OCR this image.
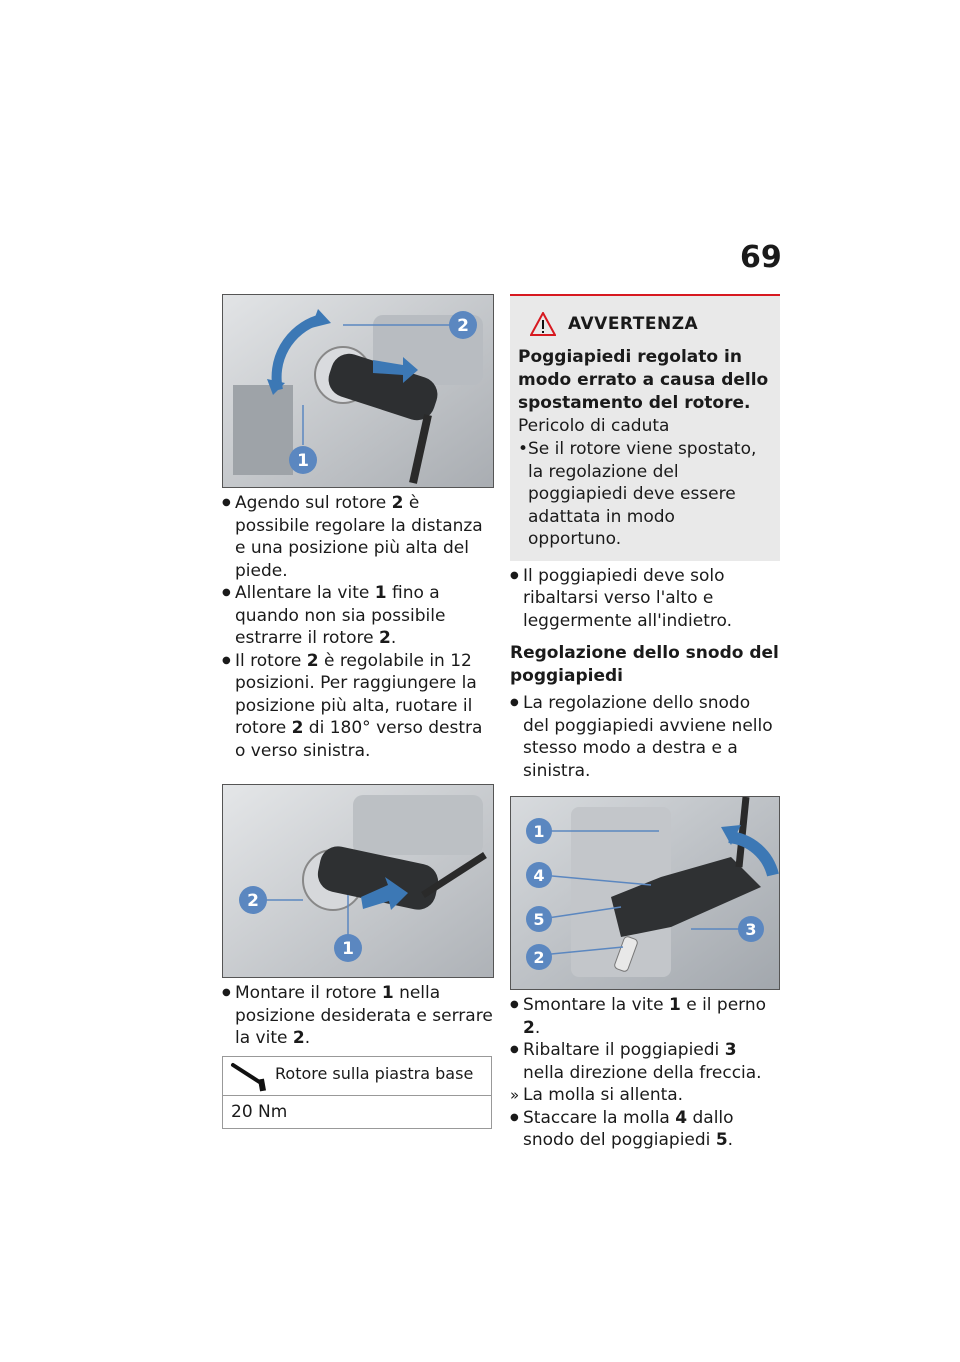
69
2
1
● Agendo sul rotore 2 è possibile regolare la distanza e una posizione più alta del piede.
● Allentare la vite 1 fino a quando non sia possibile estrarre il rotore 2.
● Il rotore 2 è regolabile in 12 posizioni. Per raggiungere la posizione più alta, ruotare il rotore 2 di 180° verso destra o verso sinistra.
2
1
● Montare il rotore 1 nella posizione desiderata e serrare la vite 2.
Rotore sulla piastra base
20 Nm
AVVERTENZA
Poggiapiedi regolato in modo errato a causa dello spostamento del rotore.
Pericolo di caduta
• Se il rotore viene spostato, la regolazione del poggiapiedi deve essere adattata in modo opportuno.
● Il poggiapiedi deve solo ribaltarsi verso l'alto e leggermente all'indietro.
Regolazione dello snodo del poggiapiedi
● La regolazione dello snodo del poggiapiedi avviene nello stesso modo a destra e a sinistra.
1
4
5
2
3
● Smontare la vite 1 e il perno 2.
● Ribaltare il poggiapiedi 3 nella direzione della freccia.
» La molla si allenta.
● Staccare la molla 4 dallo snodo del poggiapiedi 5.
